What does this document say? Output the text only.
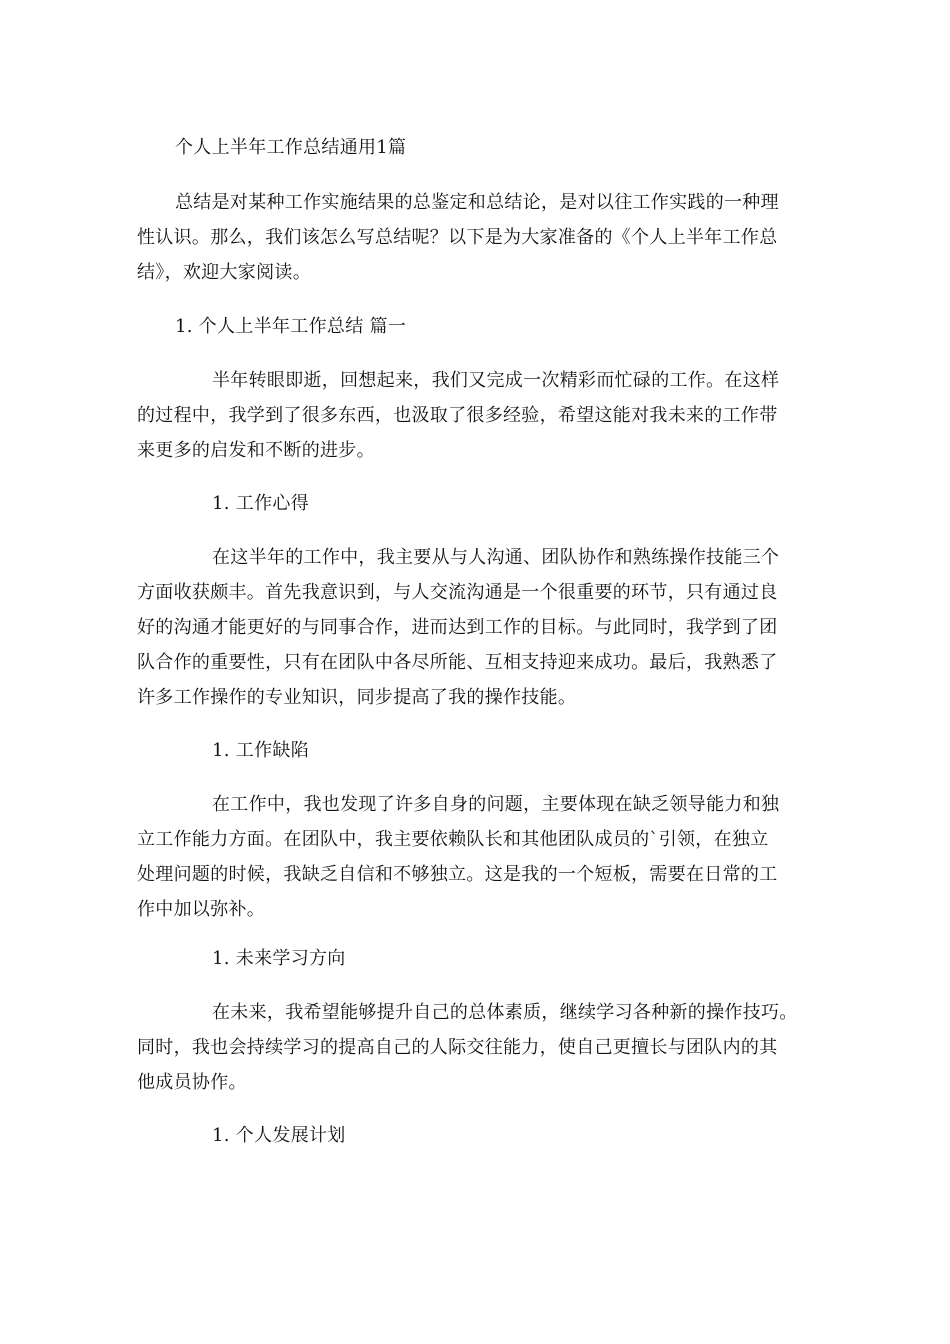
个人上半年工作总结通用1篇
总结是对某种工作实施结果的总鉴定和总结论，是对以往工作实践的一种理
性认识。那么，我们该怎么写总结呢？以下是为大家准备的《个人上半年工作总
结》，欢迎大家阅读。
1. 个人上半年工作总结 篇一
半年转眼即逝，回想起来，我们又完成一次精彩而忙碌的工作。在这样
的过程中，我学到了很多东西，也汲取了很多经验，希望这能对我未来的工作带
来更多的启发和不断的进步。
1. 工作心得
在这半年的工作中，我主要从与人沟通、团队协作和熟练操作技能三个
方面收获颇丰。首先我意识到，与人交流沟通是一个很重要的环节，只有通过良
好的沟通才能更好的与同事合作，进而达到工作的目标。与此同时，我学到了团
队合作的重要性，只有在团队中各尽所能、互相支持迎来成功。最后，我熟悉了
许多工作操作的专业知识，同步提高了我的操作技能。
1. 工作缺陷
在工作中，我也发现了许多自身的问题，主要体现在缺乏领导能力和独
立工作能力方面。在团队中，我主要依赖队长和其他团队成员的`引领，在独立
处理问题的时候，我缺乏自信和不够独立。这是我的一个短板，需要在日常的工
作中加以弥补。
1. 未来学习方向
在未来，我希望能够提升自己的总体素质，继续学习各种新的操作技巧。
同时，我也会持续学习的提高自己的人际交往能力，使自己更擅长与团队内的其
他成员协作。
1. 个人发展计划
